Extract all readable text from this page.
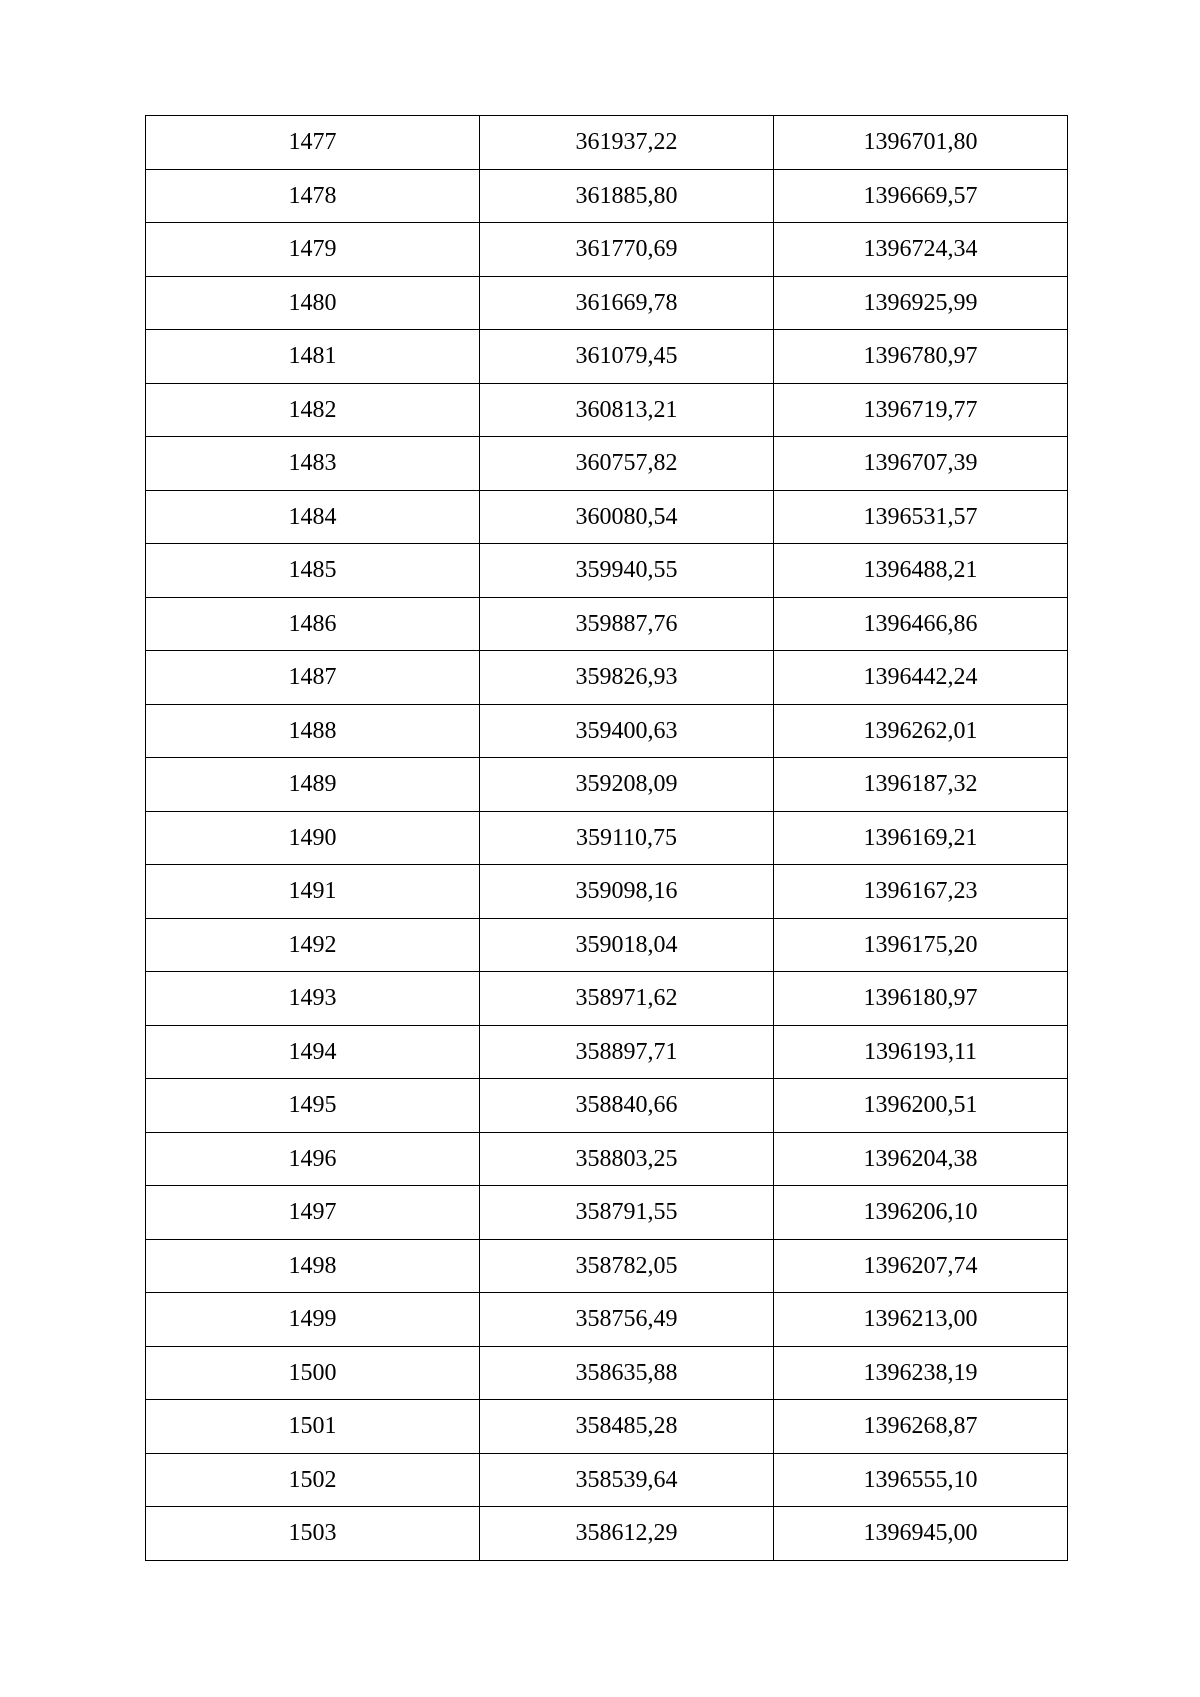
1477	361937,22	1396701,80
1478	361885,80	1396669,57
1479	361770,69	1396724,34
1480	361669,78	1396925,99
1481	361079,45	1396780,97
1482	360813,21	1396719,77
1483	360757,82	1396707,39
1484	360080,54	1396531,57
1485	359940,55	1396488,21
1486	359887,76	1396466,86
1487	359826,93	1396442,24
1488	359400,63	1396262,01
1489	359208,09	1396187,32
1490	359110,75	1396169,21
1491	359098,16	1396167,23
1492	359018,04	1396175,20
1493	358971,62	1396180,97
1494	358897,71	1396193,11
1495	358840,66	1396200,51
1496	358803,25	1396204,38
1497	358791,55	1396206,10
1498	358782,05	1396207,74
1499	358756,49	1396213,00
1500	358635,88	1396238,19
1501	358485,28	1396268,87
1502	358539,64	1396555,10
1503	358612,29	1396945,00
